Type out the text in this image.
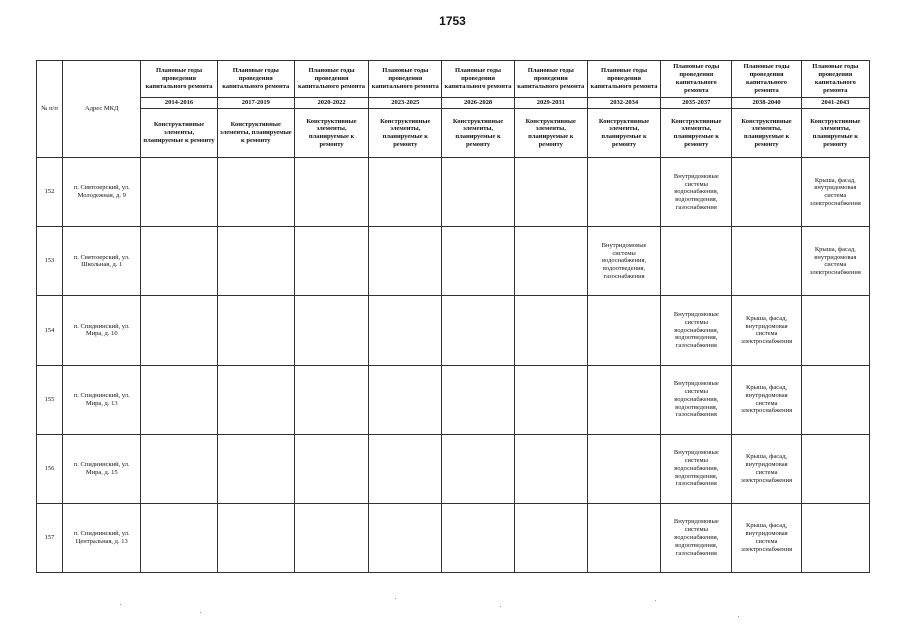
1753
№ п/п	Адрес МКД	Плановые годы проведения капитального ремонта	Плановые годы проведения капитального ремонта	Плановые годы проведения капитального ремонта	Плановые годы проведения капитального ремонта	Плановые годы проведения капитального ремонта	Плановые годы проведения капитального ремонта	Плановые годы проведения капитального ремонта	Плановые годы проведения капитального ремонта	Плановые годы проведения капитального ремонта	Плановые годы проведения капитального ремонта
		2014-2016	2017-2019	2020-2022	2023-2025	2026-2028	2029-2031	2032-2034	2035-2037	2038-2040	2041-2043
		Конструктивные элементы, планируемые к ремонту	Конструктивные элементы, планируемые к ремонту	Конструктивные элементы, планируемые к ремонту	Конструктивные элементы, планируемые к ремонту	Конструктивные элементы, планируемые к ремонту	Конструктивные элементы, планируемые к ремонту	Конструктивные элементы, планируемые к ремонту	Конструктивные элементы, планируемые к ремонту	Конструктивные элементы, планируемые к ремонту	Конструктивные элементы, планируемые к ремонту
152	п. Святозерский, ул. Молодежная, д. 9								Внутридомовые системы водоснабжения, водоотведения, газоснабжения		Крыша, фасад, внутридомовая система электроснабжения
153	п. Святозерский, ул. Школьная, д. 1							Внутридомовые системы водоснабжения, водоотведения, газоснабжения			Крыша, фасад, внутридомовая система электроснабжения
154	п. Спиднинский, ул. Мира, д. 10								Внутридомовые системы водоснабжения, водоотведения, газоснабжения	Крыша, фасад, внутридомовая система электроснабжения	
155	п. Спиднинский, ул. Мира, д. 13								Внутридомовые системы водоснабжения, водоотведения, газоснабжения	Крыша, фасад, внутридомовая система электроснабжения	
156	п. Спиднинский, ул. Мира, д. 15								Внутридомовые системы водоснабжения, водоотведения, газоснабжения	Крыша, фасад, внутридомовая система электроснабжения	
157	п. Спиднинский, ул. Центральная, д. 13								Внутридомовые системы водоснабжения, водоотведения, газоснабжения	Крыша, фасад, внутридомовая система электроснабжения	
